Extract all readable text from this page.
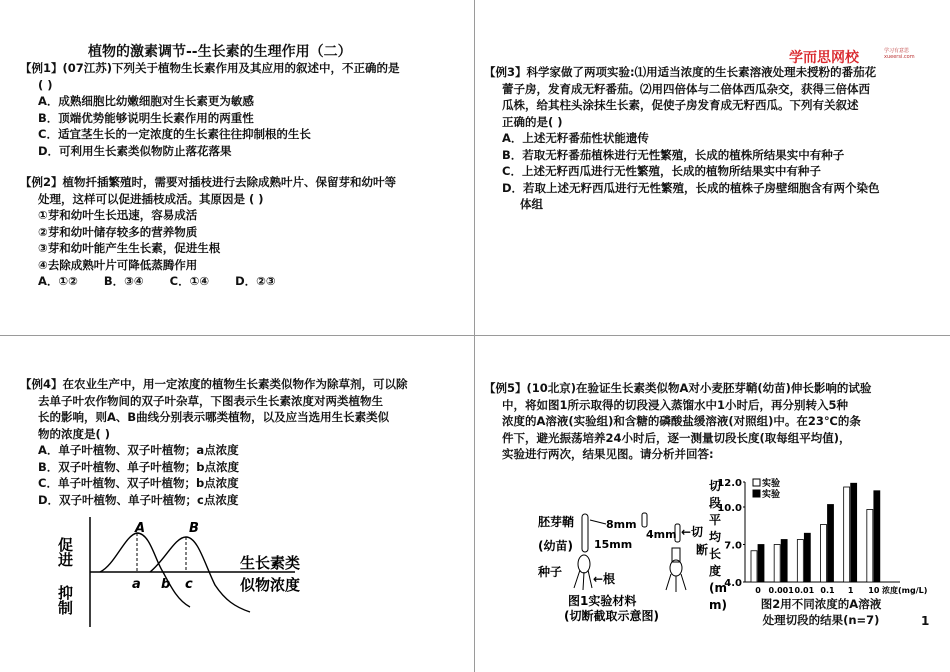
植物的激素调节--生长素的生理作用（二）
【例1】(07江苏)下列关于植物生长素作用及其应用的叙述中，不正确的是
( )
A．成熟细胞比幼嫩细胞对生长素更为敏感
B．顶端优势能够说明生长素作用的两重性
C．适宜茎生长的一定浓度的生长素往往抑制根的生长
D．可利用生长素类似物防止落花落果
【例2】植物扦插繁殖时，需要对插枝进行去除成熟叶片、保留芽和幼叶等
处理，这样可以促进插枝成活。其原因是 ( )
①芽和幼叶生长迅速，容易成活
②芽和幼叶储存较多的营养物质
③芽和幼叶能产生生长素，促进生根
④去除成熟叶片可降低蒸腾作用
A．①② B．③④ C．①④ D．②③
学而思网校	学习有意思
xueersi.com
【例3】科学家做了两项实验:⑴用适当浓度的生长素溶液处理未授粉的番茄花
蕾子房，发育成无籽番茄。⑵用四倍体与二倍体西瓜杂交，获得三倍体西
瓜株，给其柱头涂抹生长素，促使子房发育成无籽西瓜。下列有关叙述
正确的是( )
A．上述无籽番茄性状能遗传
B．若取无籽番茄植株进行无性繁殖，长成的植株所结果实中有种子
C．上述无籽西瓜进行无性繁殖，长成的植物所结果实中有种子
D．若取上述无籽西瓜进行无性繁殖，长成的植株子房壁细胞含有两个染色
体组
【例4】在农业生产中，用一定浓度的植物生长素类似物作为除草剂，可以除
去单子叶农作物间的双子叶杂草，下图表示生长素浓度对两类植物生
长的影响，则A、B曲线分别表示哪类植物，以及应当选用生长素类似
物的浓度是( )
A．单子叶植物、双子叶植物；a点浓度
B．双子叶植物、单子叶植物；b点浓度
C．单子叶植物、双子叶植物；b点浓度
D．双子叶植物、单子叶植物；c点浓度
促进
抑制
A	B
a b c
生长素类
似物浓度
【例5】(10北京)在验证生长素类似物A对小麦胚芽鞘(幼苗)伸长影响的试验
中，将如图1所示取得的切段浸入蒸馏水中1小时后，再分别转入5种
浓度的A溶液(实验组)和含糖的磷酸盐缓溶液(对照组)中。在23℃的条
件下，避光振荡培养24小时后，逐一测量切段长度(取每组平均值)，
实验进行两次，结果见图。请分析并回答:
胚芽鞘
(幼苗)
种子	←根
8mm
15mm
4mm ←切
断
图1实验材料
(切断截取示意图)
切
段
平
均
长
度
(m
m)
4.0
7.0
10.0
12.0
0 0.001 0.01 0.1 1 10 浓度(mg/L)
实验
实验
图2用不同浓度的A溶液
处理切段的结果(n=7)	1
